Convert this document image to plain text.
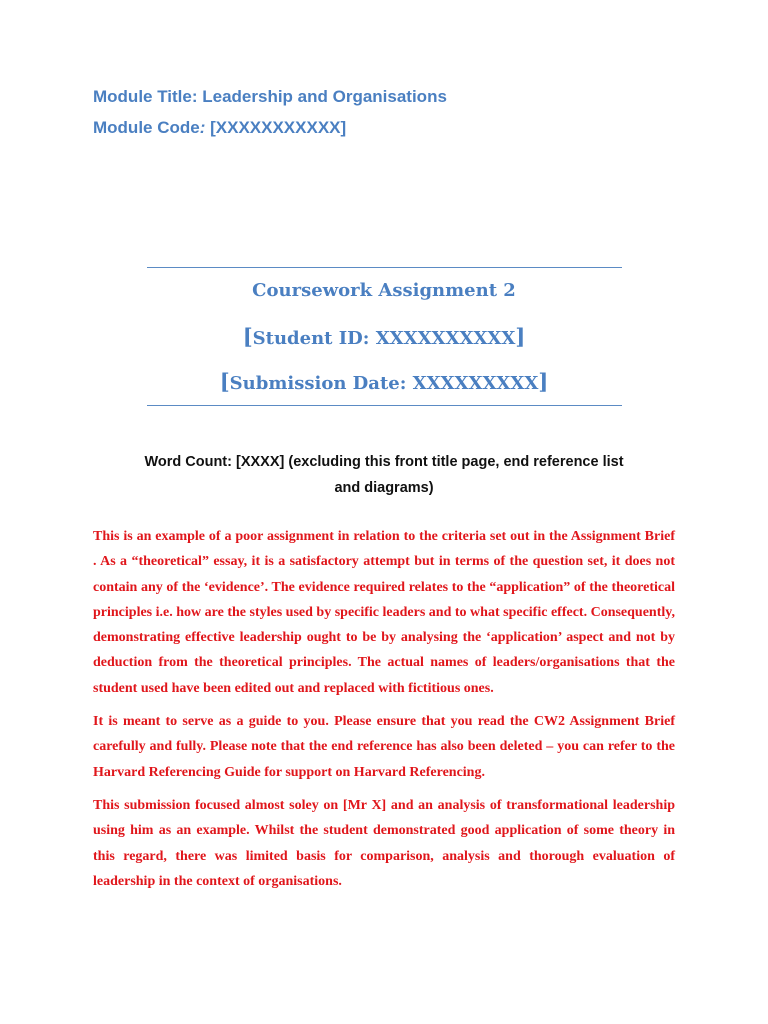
Module Title: Leadership and Organisations
Module Code: [XXXXXXXXXXX]
Coursework Assignment 2
[Student ID: XXXXXXXXXX]
[Submission Date: XXXXXXXXX]
Word Count: [XXXX] (excluding this front title page, end reference list and diagrams)

This is an example of a poor assignment in relation to the criteria set out in the Assignment Brief . As a “theoretical” essay, it is a satisfactory attempt but in terms of the question set, it does not contain any of the ‘evidence’. The evidence required relates to the “application” of the theoretical principles i.e. how are the styles used by specific leaders and to what specific effect. Consequently, demonstrating effective leadership ought to be by analysing the ‘application’ aspect and not by deduction from the theoretical principles. The actual names of leaders/organisations that the student used have been edited out and replaced with fictitious ones.

It is meant to serve as a guide to you. Please ensure that you read the CW2 Assignment Brief carefully and fully. Please note that the end reference has also been deleted – you can refer to the Harvard Referencing Guide for support on Harvard Referencing.

This submission focused almost soley on [Mr X] and an analysis of transformational leadership using him as an example. Whilst the student demonstrated good application of some theory in this regard, there was limited basis for comparison, analysis and thorough evaluation of leadership in the context of organisations.
